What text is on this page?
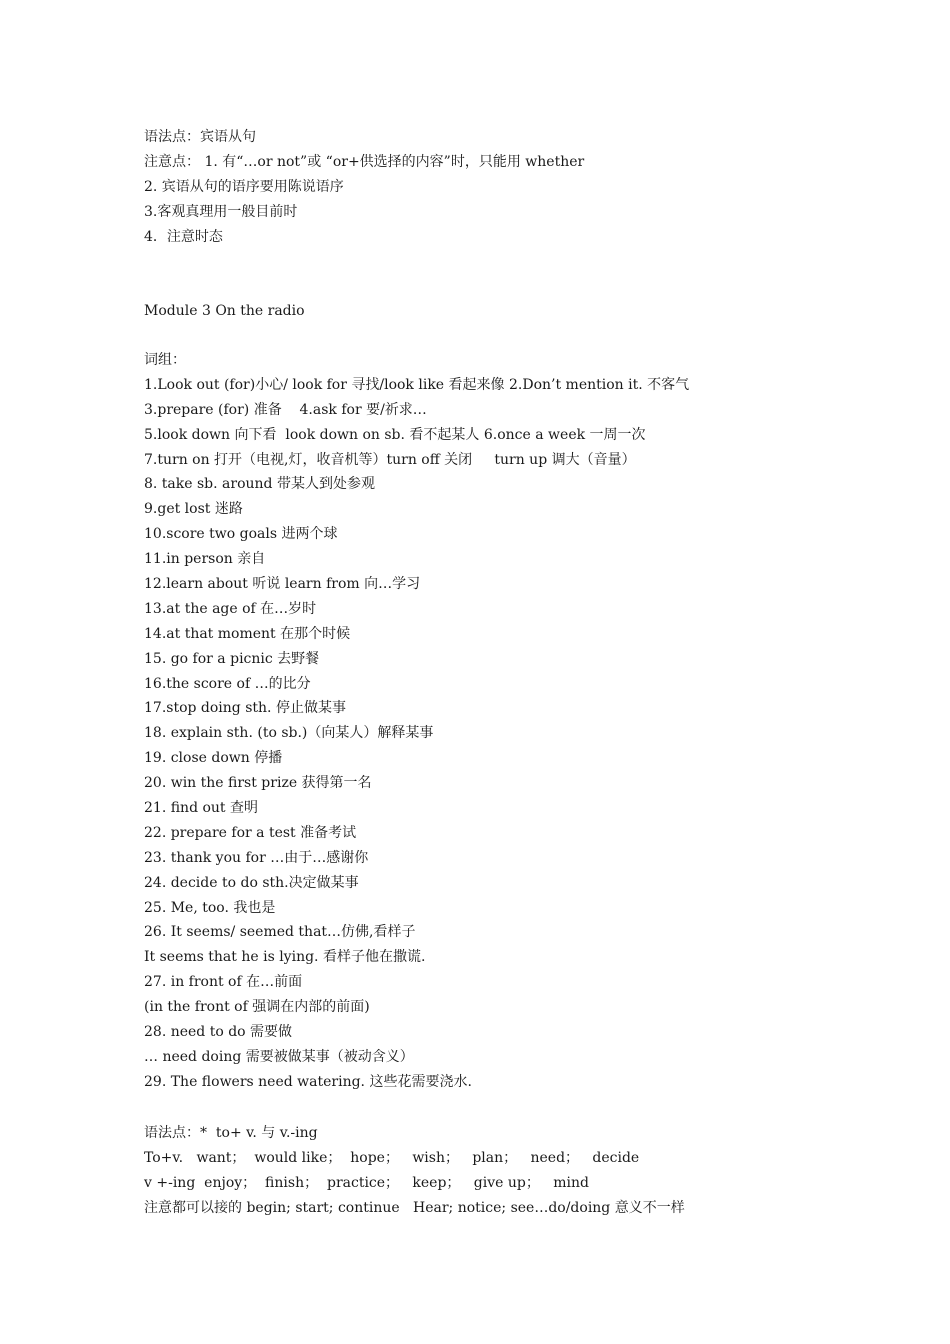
语法点：宾语从句
注意点： 1. 有“…or not”或 “or+供选择的内容”时，只能用 whether
2. 宾语从句的语序要用陈说语序
3.客观真理用一般目前时
4．注意时态
Module 3 On the radio
词组：
1.Look out (for)小心/ look for 寻找/look like 看起来像 2.Don’t mention it. 不客气
3.prepare (for) 准备    4.ask for 要/祈求…
5.look down 向下看  look down on sb. 看不起某人 6.once a week 一周一次
7.turn on 打开（电视,灯，收音机等）turn off 关闭     turn up 调大（音量）
8. take sb. around 带某人到处参观
9.get lost 迷路
10.score two goals 进两个球
11.in person 亲自
12.learn about 听说 learn from 向…学习
13.at the age of 在…岁时
14.at that moment 在那个时候
15. go for a picnic 去野餐
16.the score of …的比分
17.stop doing sth. 停止做某事
18. explain sth. (to sb.)（向某人）解释某事
19. close down 停播
20. win the first prize 获得第一名
21. find out 查明
22. prepare for a test 准备考试
23. thank you for …由于…感谢你
24. decide to do sth.决定做某事
25. Me, too. 我也是
26. It seems/ seemed that…仿佛,看样子
It seems that he is lying. 看样子他在撒谎.
27. in front of 在…前面
(in the front of 强调在内部的前面)
28. need to do 需要做
… need doing 需要被做某事（被动含义）
29. The flowers need watering. 这些花需要浇水.
语法点：*  to+ v. 与 v.-ing
To+v.   want；  would like；  hope；   wish；   plan；   need；   decide
v +-ing  enjoy；  finish；  practice；   keep；   give up；   mind
注意都可以接的 begin; start; continue   Hear; notice; see…do/doing 意义不一样
